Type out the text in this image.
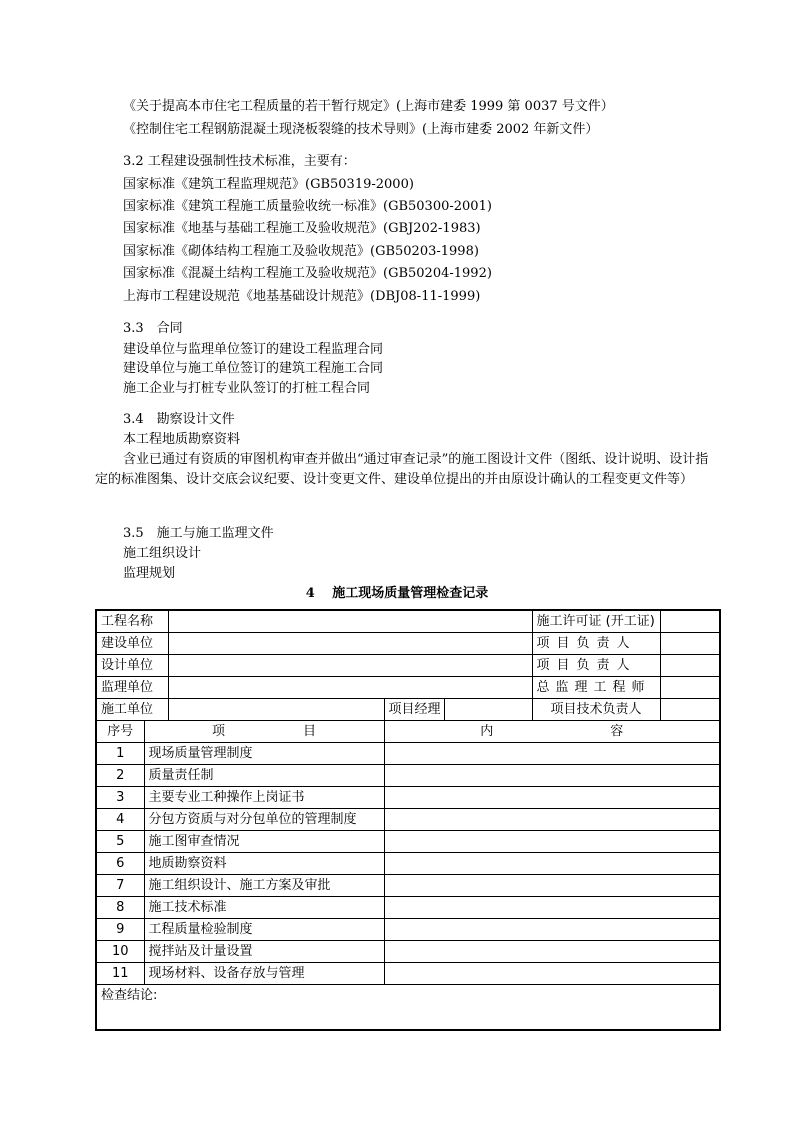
《关于提高本市住宅工程质量的若干暂行规定》(上海市建委 1999 第 0037 号文件）
《控制住宅工程钢筋混凝土现浇板裂缝的技术导则》(上海市建委 2002 年新文件）
3.2 工程建设强制性技术标准，主要有：
国家标准《建筑工程监理规范》(GB50319-2000)
国家标准《建筑工程施工质量验收统一标准》(GB50300-2001)
国家标准《地基与基础工程施工及验收规范》(GBJ202-1983)
国家标准《砌体结构工程施工及验收规范》(GB50203-1998)
国家标准《混凝土结构工程施工及验收规范》(GB50204-1992)
上海市工程建设规范《地基基础设计规范》(DBJ08-11-1999)
3.3　合同
建设单位与监理单位签订的建设工程监理合同
建设单位与施工单位签订的建筑工程施工合同
施工企业与打桩专业队签订的打桩工程合同
3.4　勘察设计文件
本工程地质勘察资料
含业已通过有资质的审图机构审查并做出“通过审查记录”的施工图设计文件（图纸、设计说明、设计指定的标准图集、设计交底会议纪要、设计变更文件、建设单位提出的并由原设计确认的工程变更文件等）
3.5　施工与施工监理文件
施工组织设计
监理规划
4　 施工现场质量管理检查记录
工程名称					施工许可证 (开工证)	
建设单位					项目负责人	
设计单位					项目负责人	
监理单位					总监理工程师	
施工单位			项目经理		项目技术负责人	
序号	项　　　　　　目		内　　　　　　　　　容			
1	现场质量管理制度					
2	质量责任制					
3	主要专业工种操作上岗证书					
4	分包方资质与对分包单位的管理制度					
5	施工图审查情况					
6	地质勘察资料					
7	施工组织设计、施工方案及审批					
8	施工技术标准					
9	工程质量检验制度					
10	搅拌站及计量设置					
11	现场材料、设备存放与管理					
检查结论:						
